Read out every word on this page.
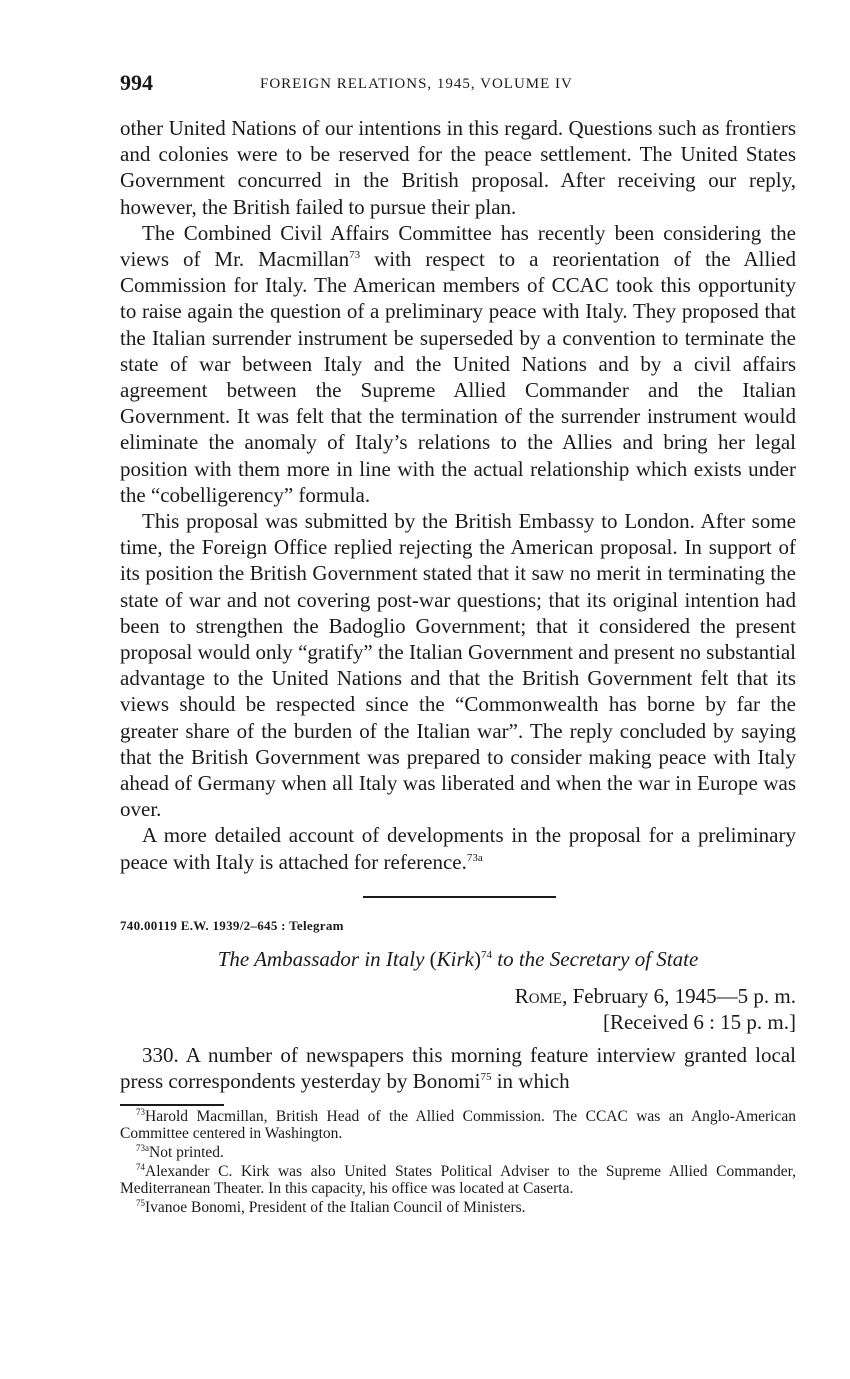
994	FOREIGN RELATIONS, 1945, VOLUME IV

other United Nations of our intentions in this regard. Questions such as frontiers and colonies were to be reserved for the peace settlement. The United States Government concurred in the British proposal. After receiving our reply, however, the British failed to pursue their plan.

The Combined Civil Affairs Committee has recently been considering the views of Mr. Macmillan$^{73}$ with respect to a reorientation of the Allied Commission for Italy. The American members of CCAC took this opportunity to raise again the question of a preliminary peace with Italy. They proposed that the Italian surrender instrument be superseded by a convention to terminate the state of war between Italy and the United Nations and by a civil affairs agreement between the Supreme Allied Commander and the Italian Government. It was felt that the termination of the surrender instrument would eliminate the anomaly of Italy’s relations to the Allies and bring her legal position with them more in line with the actual relationship which exists under the “cobelligerency” formula.

This proposal was submitted by the British Embassy to London. After some time, the Foreign Office replied rejecting the American proposal. In support of its position the British Government stated that it saw no merit in terminating the state of war and not covering post-war questions; that its original intention had been to strengthen the Badoglio Government; that it considered the present proposal would only “gratify” the Italian Government and present no substantial advantage to the United Nations and that the British Government felt that its views should be respected since the “Commonwealth has borne by far the greater share of the burden of the Italian war”. The reply concluded by saying that the British Government was prepared to consider making peace with Italy ahead of Germany when all Italy was liberated and when the war in Europe was over.

A more detailed account of developments in the proposal for a preliminary peace with Italy is attached for reference.$^{73a}$

740.00119 E.W. 1939/2–645 : Telegram
The Ambassador in Italy (Kirk)$^{74}$ to the Secretary of State
Rome, February 6, 1945—5 p. m.
[Received 6 : 15 p. m.]

330. A number of newspapers this morning feature interview granted local press correspondents yesterday by Bonomi$^{75}$ in which

$^{73}$Harold Macmillan, British Head of the Allied Commission. The CCAC was an Anglo-American Committee centered in Washington.
$^{73a}$Not printed.
$^{74}$Alexander C. Kirk was also United States Political Adviser to the Supreme Allied Commander, Mediterranean Theater. In this capacity, his office was located at Caserta.
$^{75}$Ivanoe Bonomi, President of the Italian Council of Ministers.
